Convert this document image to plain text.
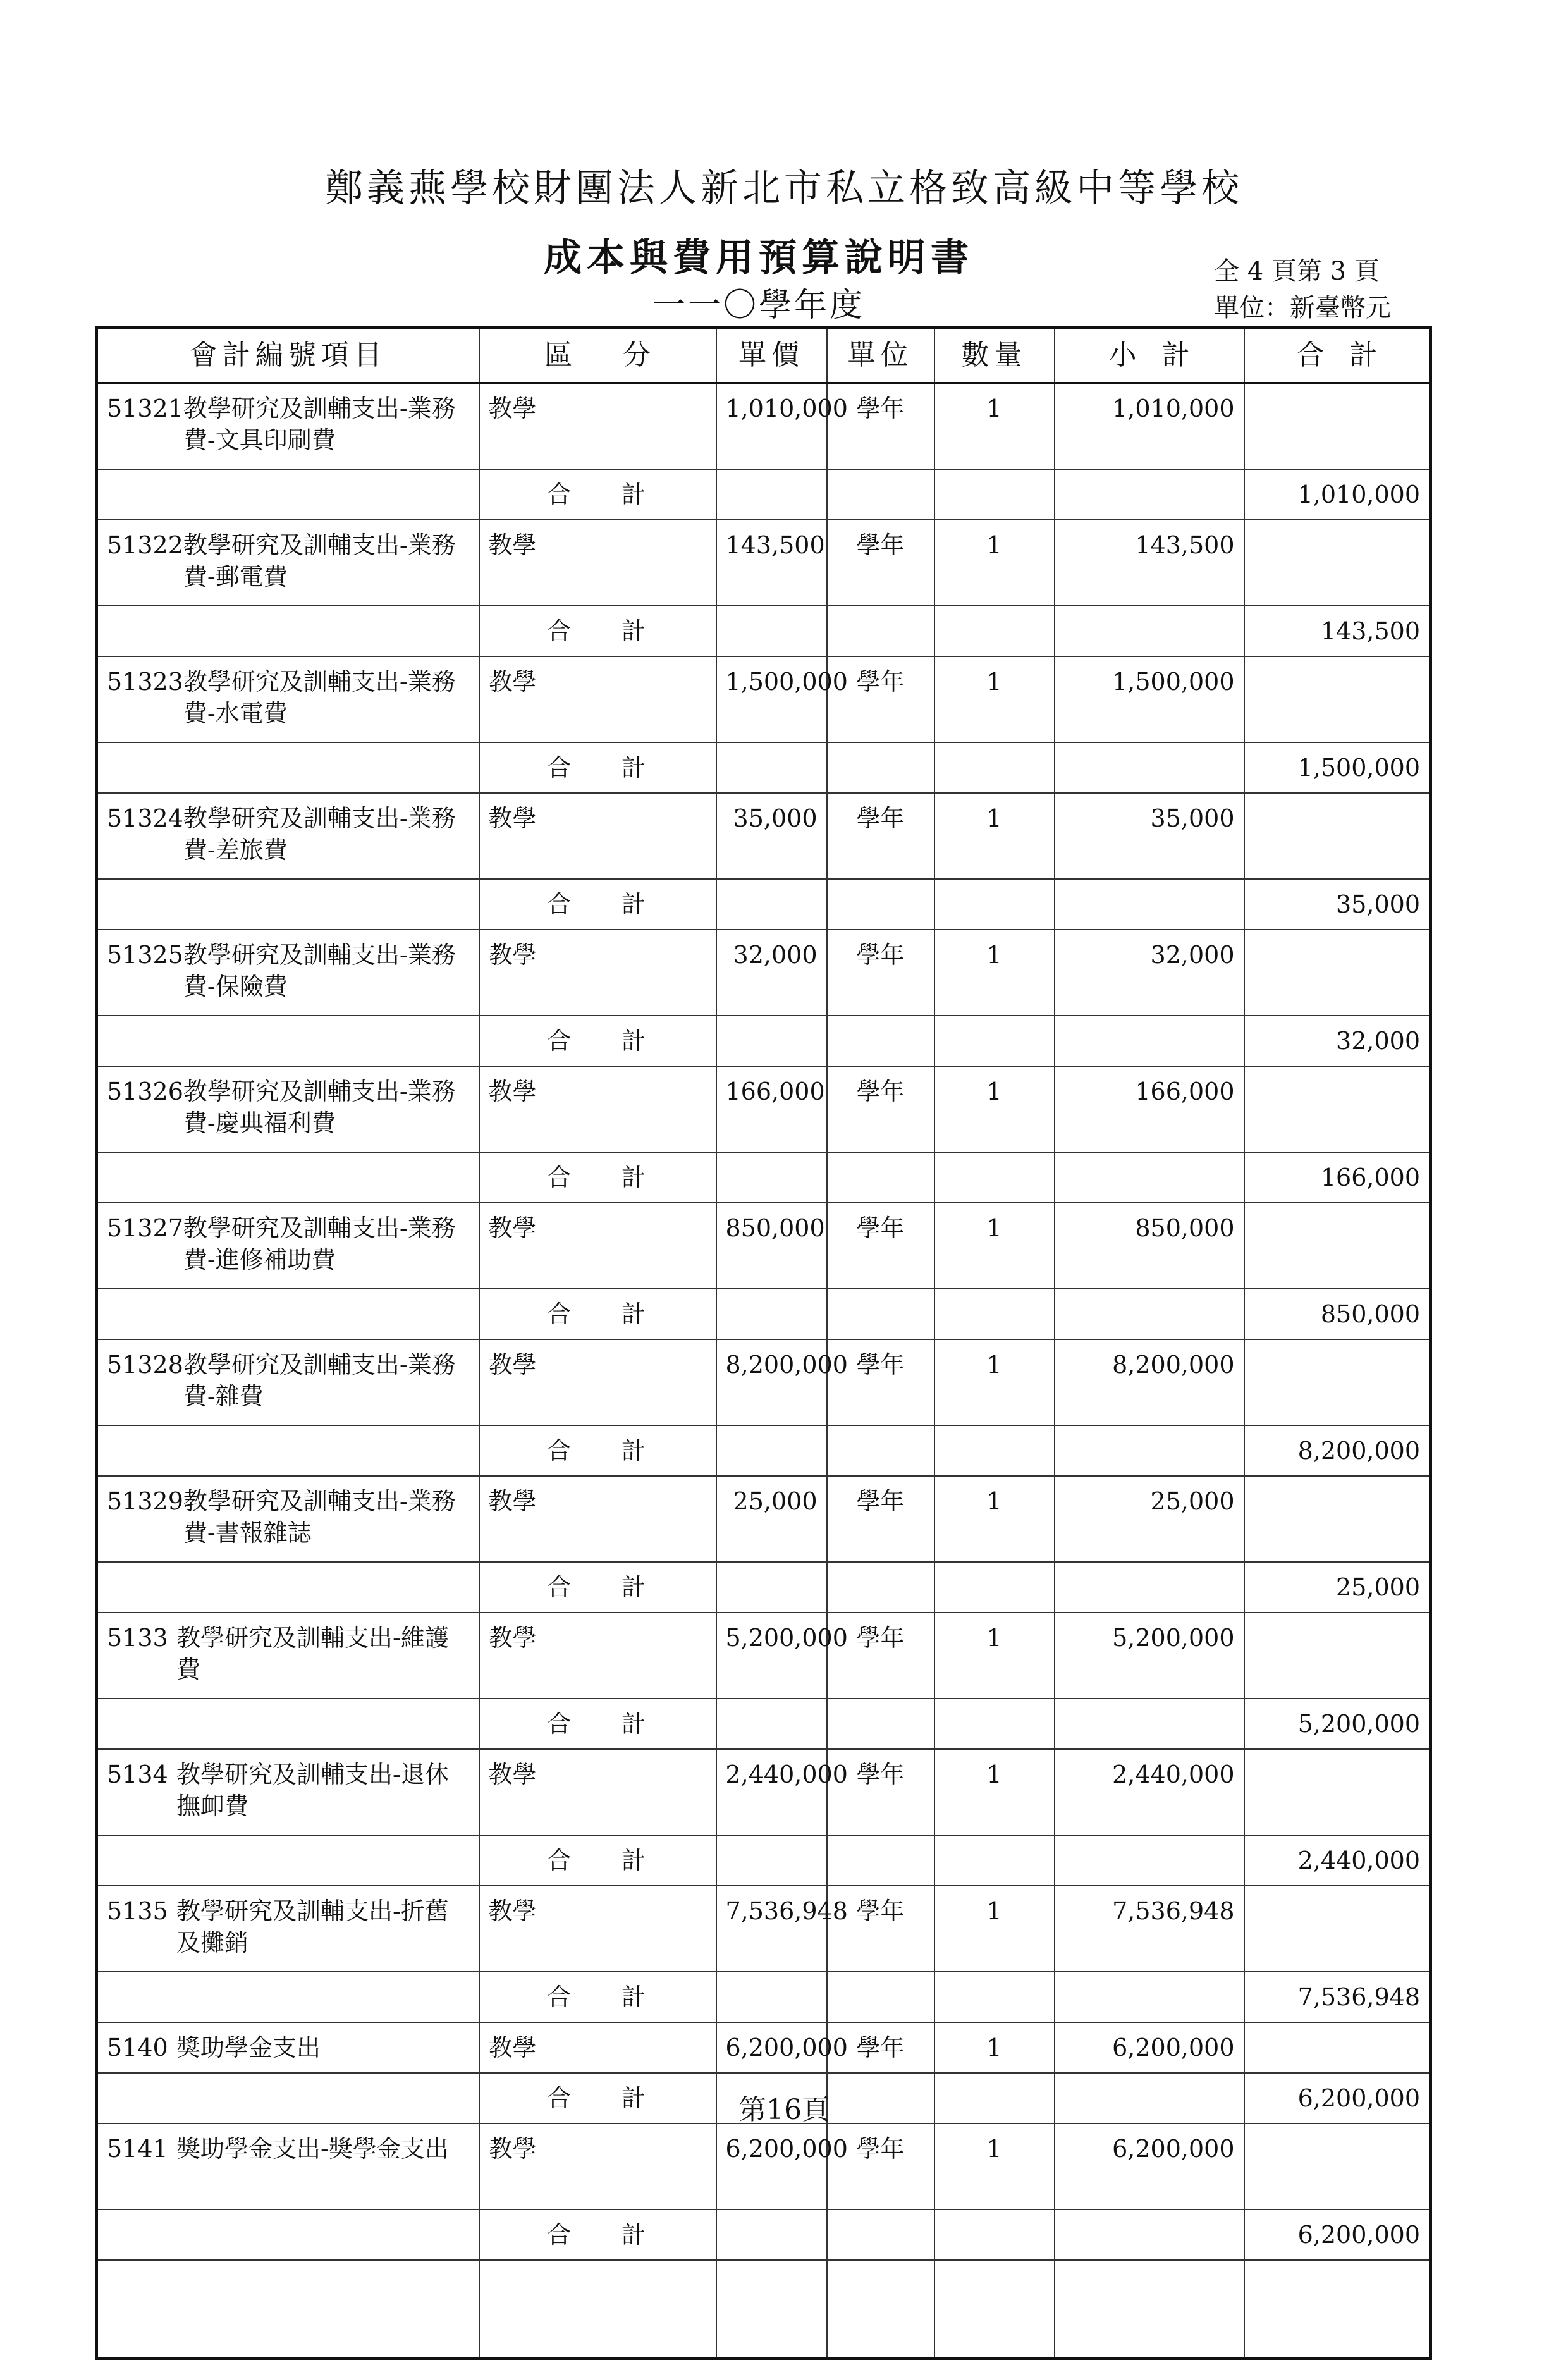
鄭義燕學校財團法人新北市私立格致高級中等學校
成本與費用預算說明書
一一〇學年度
全 4 頁第 3 頁
單位：新臺幣元
會計編號項目	區分	單價	單位	數量	小計	合計

51321 教學研究及訓輔支出-業務費-文具印刷費	教學	1,010,000	學年	1	1,010,000	
	合計					1,010,000

51322 教學研究及訓輔支出-業務費-郵電費	教學	143,500	學年	1	143,500	
	合計					143,500

51323 教學研究及訓輔支出-業務費-水電費	教學	1,500,000	學年	1	1,500,000	
	合計					1,500,000

51324 教學研究及訓輔支出-業務費-差旅費	教學	35,000	學年	1	35,000	
	合計					35,000

51325 教學研究及訓輔支出-業務費-保險費	教學	32,000	學年	1	32,000	
	合計					32,000

51326 教學研究及訓輔支出-業務費-慶典福利費	教學	166,000	學年	1	166,000	
	合計					166,000

51327 教學研究及訓輔支出-業務費-進修補助費	教學	850,000	學年	1	850,000	
	合計					850,000

51328 教學研究及訓輔支出-業務費-雜費	教學	8,200,000	學年	1	8,200,000	
	合計					8,200,000

51329 教學研究及訓輔支出-業務費-書報雜誌	教學	25,000	學年	1	25,000	
	合計					25,000

5133 教學研究及訓輔支出-維護費	教學	5,200,000	學年	1	5,200,000	
	合計					5,200,000

5134 教學研究及訓輔支出-退休撫卹費	教學	2,440,000	學年	1	2,440,000	
	合計					2,440,000

5135 教學研究及訓輔支出-折舊及攤銷	教學	7,536,948	學年	1	7,536,948	
	合計					7,536,948

5140 獎助學金支出	教學	6,200,000	學年	1	6,200,000	
	合計					6,200,000

5141 獎助學金支出-獎學金支出	教學	6,200,000	學年	1	6,200,000	
	合計					6,200,000

第16頁
